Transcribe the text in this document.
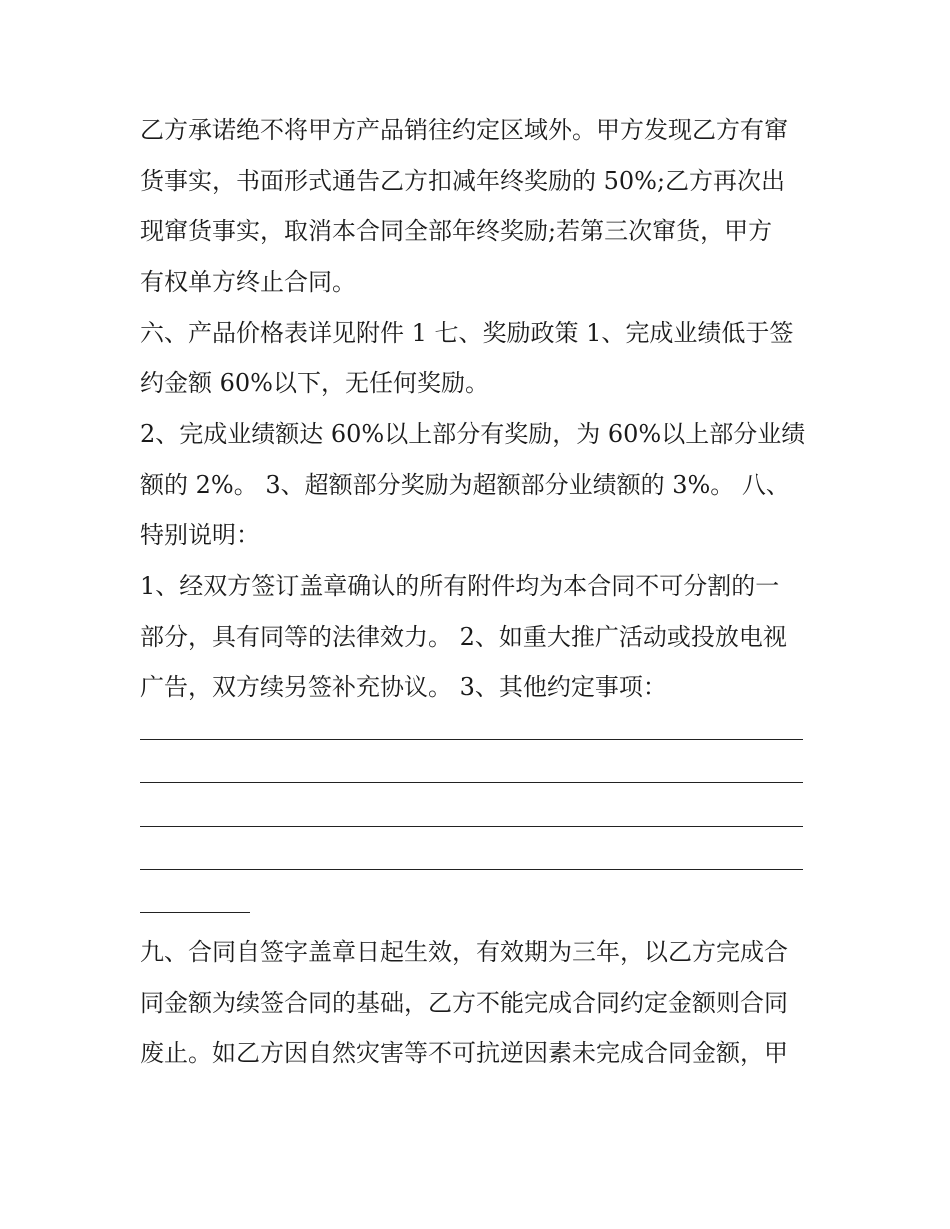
乙方承诺绝不将甲方产品销往约定区域外。甲方发现乙方有窜
货事实，书面形式通告乙方扣减年终奖励的 50%;乙方再次出
现窜货事实，取消本合同全部年终奖励;若第三次窜货，甲方
有权单方终止合同。
六、产品价格表详见附件 1 七、奖励政策 1、完成业绩低于签
约金额 60%以下，无任何奖励。
2、完成业绩额达 60%以上部分有奖励，为 60%以上部分业绩
额的 2%。 3、超额部分奖励为超额部分业绩额的 3%。 八、
特别说明：
1、经双方签订盖章确认的所有附件均为本合同不可分割的一
部分，具有同等的法律效力。 2、如重大推广活动或投放电视
广告，双方续另签补充协议。 3、其他约定事项：
九、合同自签字盖章日起生效，有效期为三年，以乙方完成合
同金额为续签合同的基础，乙方不能完成合同约定金额则合同
废止。如乙方因自然灾害等不可抗逆因素未完成合同金额，甲
